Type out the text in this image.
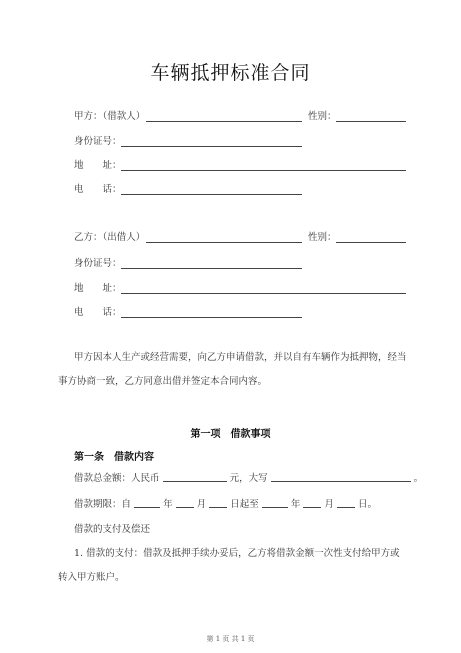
车辆抵押标准合同
甲方：（借款人）	性别：
身份证号：
地　　址：
电　　话：
乙方：（出借人）	性别：
身份证号：
地　　址：
电　　话：
甲方因本人生产或经营需要，向乙方申请借款，并以自有车辆作为抵押物，经当事方协商一致，乙方同意出借并签定本合同内容。
第一项　借款事项
第一条　借款内容
借款总金额：人民币	元，大写	。
借款期限：自	年	月	日起至	年	月	日。
借款的支付及偿还
1. 借款的支付：借款及抵押手续办妥后，乙方将借款金额一次性支付给甲方或转入甲方账户。
第 1 页 共 1 页
